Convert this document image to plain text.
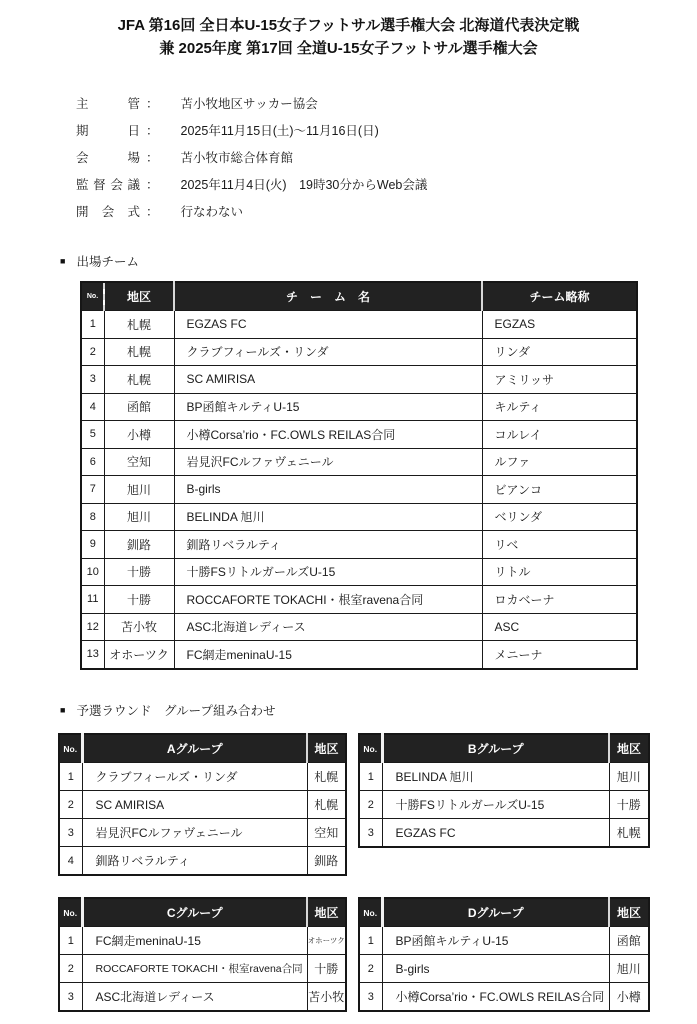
JFA 第16回 全日本U-15女子フットサル選手権大会 北海道代表決定戦
兼 2025年度 第17回 全道U-15女子フットサル選手権大会
主管 ： 苫小牧地区サッカー協会
期日 ： 2025年11月15日(土)～11月16日(日)
会場 ： 苫小牧市総合体育館
監督会議 ： 2025年11月4日(火)　19時30分からWeb会議
開会式 ： 行なわない
■ 出場チーム
No.	地区	チ　ー　ム　名	チーム略称
1	札幌	EGZAS FC	EGZAS
2	札幌	クラブフィールズ・リンダ	リンダ
3	札幌	SC AMIRISA	アミリッサ
4	函館	BP函館キルティU-15	キルティ
5	小樽	小樽Corsa’rio・FC.OWLS REILAS合同	コルレイ
6	空知	岩見沢FCルファヴェニール	ルファ
7	旭川	B-girls	ビアンコ
8	旭川	BELINDA 旭川	ベリンダ
9	釧路	釧路リベラルティ	リベ
10	十勝	十勝FSリトルガールズU-15	リトル
11	十勝	ROCCAFORTE TOKACHI・根室ravena合同	ロカベーナ
12	苫小牧	ASC北海道レディース	ASC
13	オホーツク	FC網走meninaU-15	メニーナ
■ 予選ラウンド　グループ組み合わせ
No.	Aグループ	地区
1	クラブフィールズ・リンダ	札幌
2	SC AMIRISA	札幌
3	岩見沢FCルファヴェニール	空知
4	釧路リベラルティ	釧路
No.	Bグループ	地区
1	BELINDA 旭川	旭川
2	十勝FSリトルガールズU-15	十勝
3	EGZAS FC	札幌
No.	Cグループ	地区
1	FC網走meninaU-15	オホーツク
2	ROCCAFORTE TOKACHI・根室ravena合同	十勝
3	ASC北海道レディース	苫小牧
No.	Dグループ	地区
1	BP函館キルティU-15	函館
2	B-girls	旭川
3	小樽Corsa’rio・FC.OWLS REILAS合同	小樽
